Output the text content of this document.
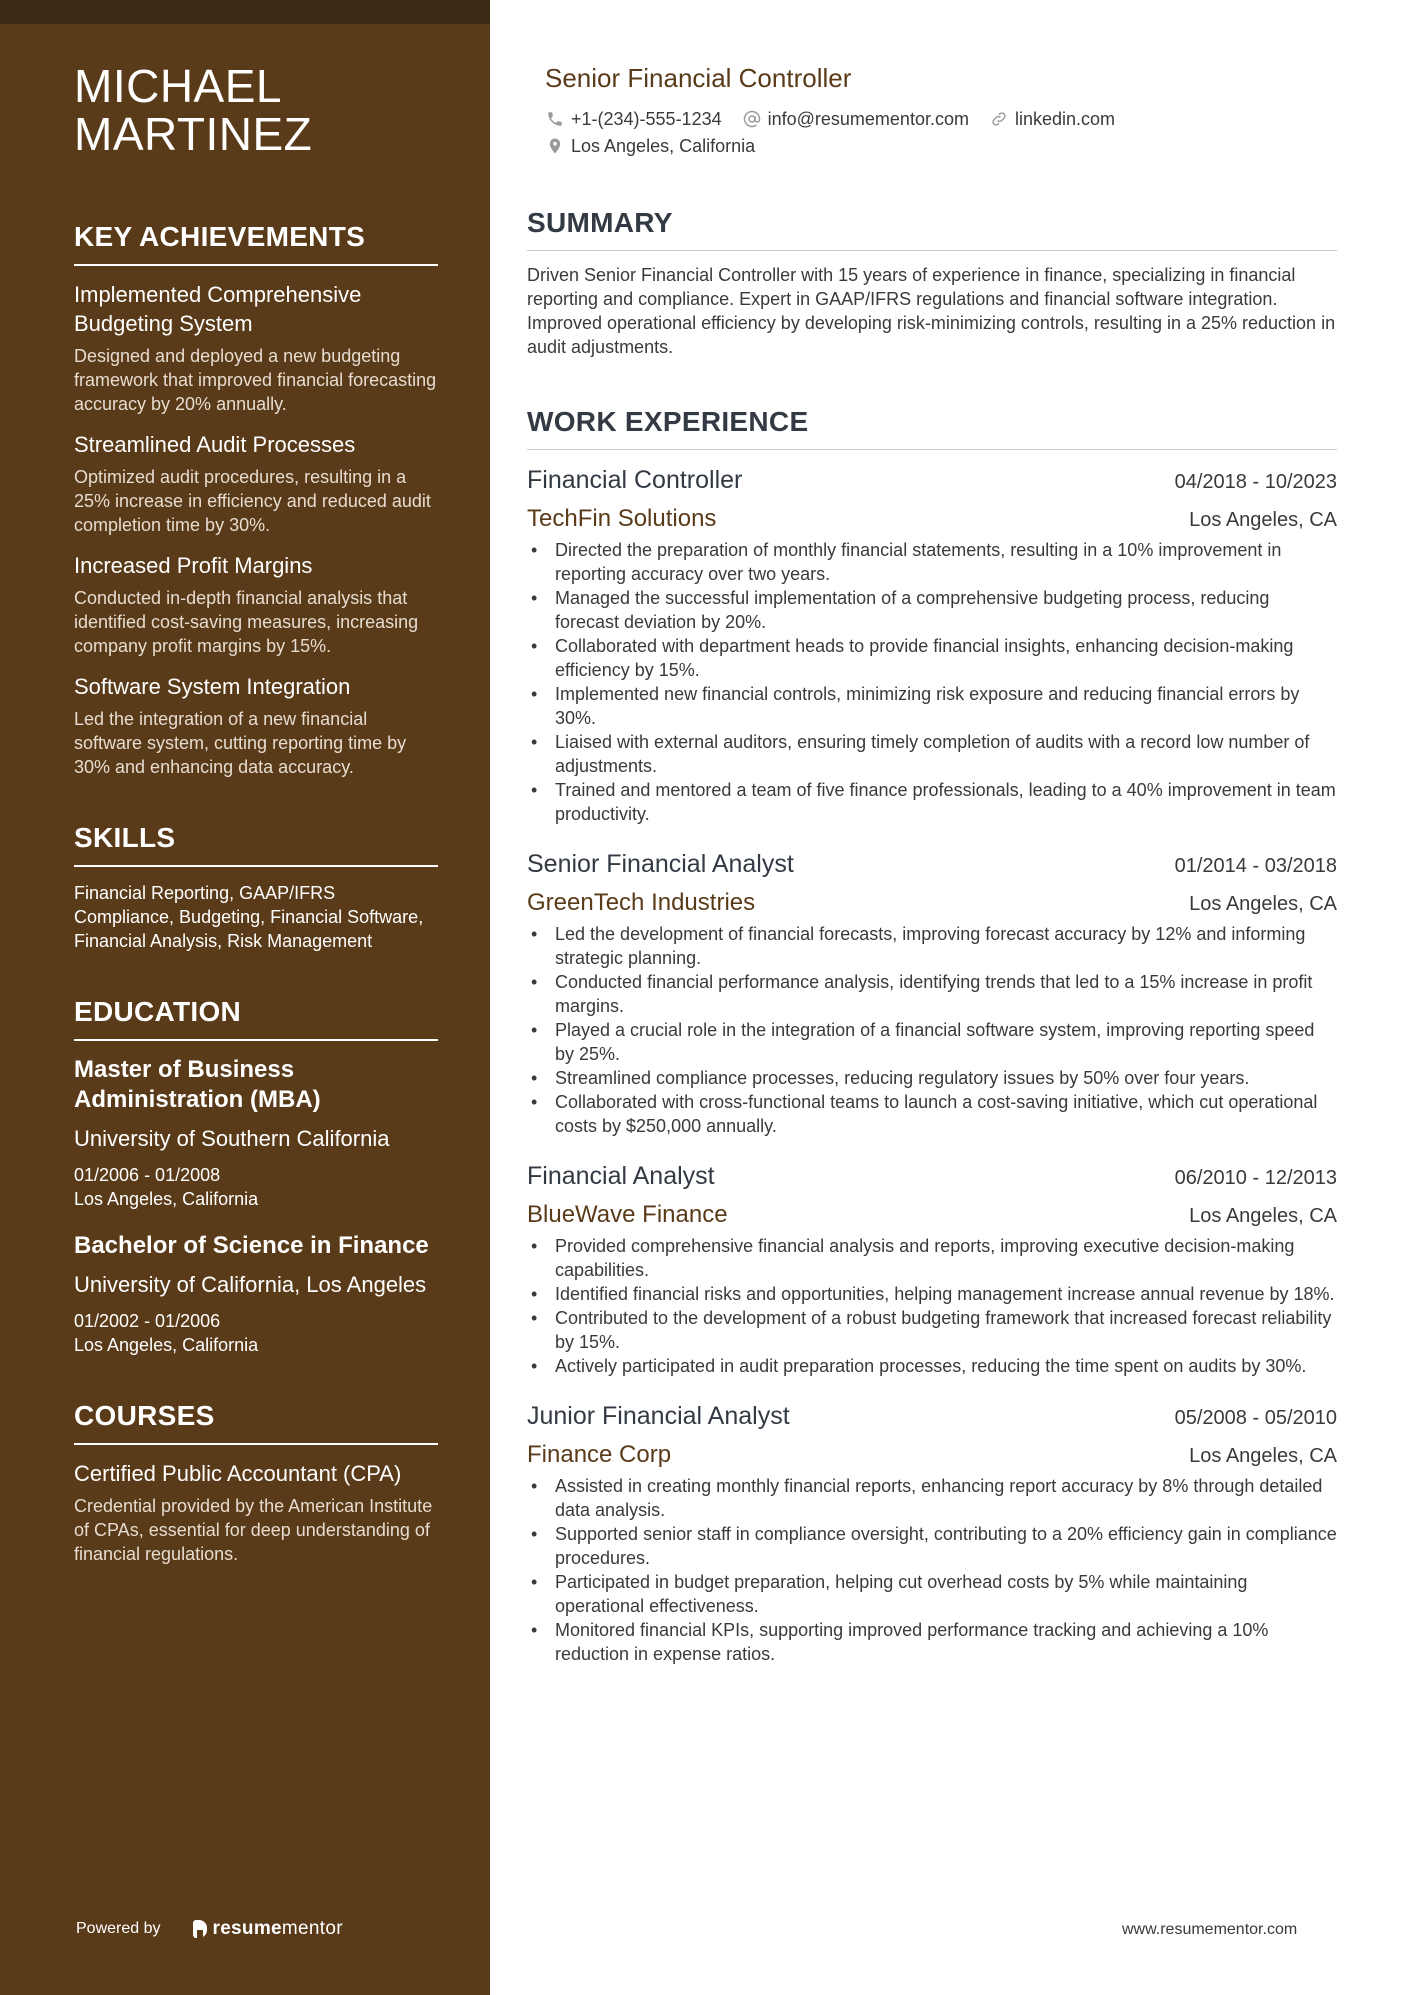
MICHAEL
MARTINEZ
KEY ACHIEVEMENTS
Implemented Comprehensive Budgeting System
Designed and deployed a new budgeting framework that improved financial forecasting accuracy by 20% annually.
Streamlined Audit Processes
Optimized audit procedures, resulting in a 25% increase in efficiency and reduced audit completion time by 30%.
Increased Profit Margins
Conducted in-depth financial analysis that identified cost-saving measures, increasing company profit margins by 15%.
Software System Integration
Led the integration of a new financial software system, cutting reporting time by 30% and enhancing data accuracy.
SKILLS
Financial Reporting, GAAP/IFRS Compliance, Budgeting, Financial Software, Financial Analysis, Risk Management
EDUCATION
Master of Business Administration (MBA)
University of Southern California
01/2006 - 01/2008
Los Angeles, California
Bachelor of Science in Finance
University of California, Los Angeles
01/2002 - 01/2006
Los Angeles, California
COURSES
Certified Public Accountant (CPA)
Credential provided by the American Institute of CPAs, essential for deep understanding of financial regulations.
Powered by	resume mentor
Senior Financial Controller
+1-(234)-555-1234	info@resumementor.com	linkedin.com
Los Angeles, California
SUMMARY
Driven Senior Financial Controller with 15 years of experience in finance, specializing in financial reporting and compliance. Expert in GAAP/IFRS regulations and financial software integration. Improved operational efficiency by developing risk-minimizing controls, resulting in a 25% reduction in audit adjustments.
WORK EXPERIENCE
Financial Controller	04/2018 - 10/2023
TechFin Solutions	Los Angeles, CA
• Directed the preparation of monthly financial statements, resulting in a 10% improvement in reporting accuracy over two years.
• Managed the successful implementation of a comprehensive budgeting process, reducing forecast deviation by 20%.
• Collaborated with department heads to provide financial insights, enhancing decision-making efficiency by 15%.
• Implemented new financial controls, minimizing risk exposure and reducing financial errors by 30%.
• Liaised with external auditors, ensuring timely completion of audits with a record low number of adjustments.
• Trained and mentored a team of five finance professionals, leading to a 40% improvement in team productivity.
Senior Financial Analyst	01/2014 - 03/2018
GreenTech Industries	Los Angeles, CA
• Led the development of financial forecasts, improving forecast accuracy by 12% and informing strategic planning.
• Conducted financial performance analysis, identifying trends that led to a 15% increase in profit margins.
• Played a crucial role in the integration of a financial software system, improving reporting speed by 25%.
• Streamlined compliance processes, reducing regulatory issues by 50% over four years.
• Collaborated with cross-functional teams to launch a cost-saving initiative, which cut operational costs by $250,000 annually.
Financial Analyst	06/2010 - 12/2013
BlueWave Finance	Los Angeles, CA
• Provided comprehensive financial analysis and reports, improving executive decision-making capabilities.
• Identified financial risks and opportunities, helping management increase annual revenue by 18%.
• Contributed to the development of a robust budgeting framework that increased forecast reliability by 15%.
• Actively participated in audit preparation processes, reducing the time spent on audits by 30%.
Junior Financial Analyst	05/2008 - 05/2010
Finance Corp	Los Angeles, CA
• Assisted in creating monthly financial reports, enhancing report accuracy by 8% through detailed data analysis.
• Supported senior staff in compliance oversight, contributing to a 20% efficiency gain in compliance procedures.
• Participated in budget preparation, helping cut overhead costs by 5% while maintaining operational effectiveness.
• Monitored financial KPIs, supporting improved performance tracking and achieving a 10% reduction in expense ratios.
www.resumementor.com
